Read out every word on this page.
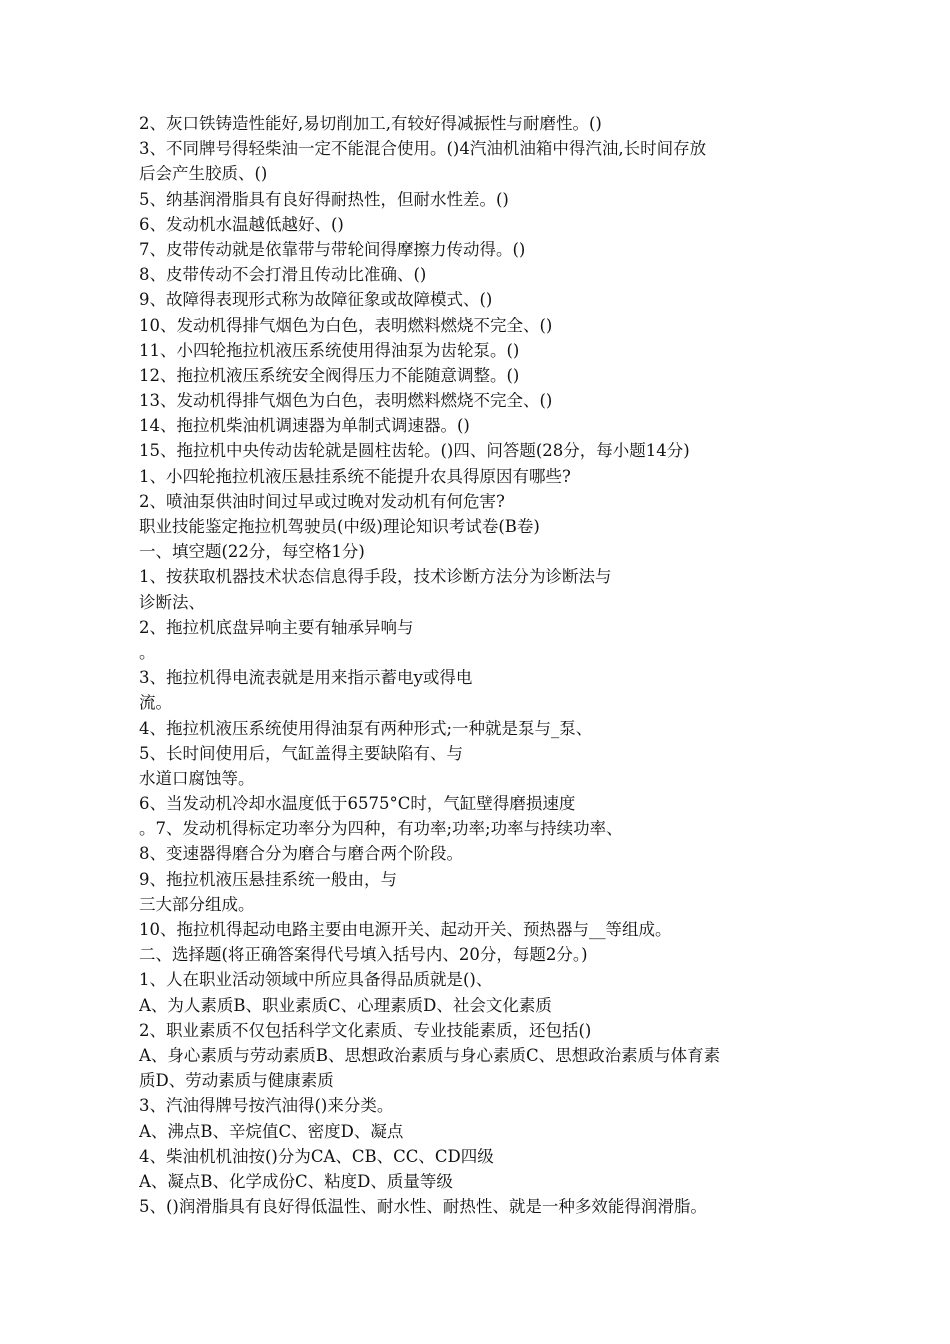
2、灰口铁铸造性能好,易切削加工,有较好得减振性与耐磨性。()
3、不同牌号得轻柴油一定不能混合使用。()4汽油机油箱中得汽油,长时间存放
后会产生胶质、()
5、纳基润滑脂具有良好得耐热性，但耐水性差。()
6、发动机水温越低越好、()
7、皮带传动就是依靠带与带轮间得摩擦力传动得。()
8、皮带传动不会打滑且传动比准确、()
9、故障得表现形式称为故障征象或故障模式、()
10、发动机得排气烟色为白色，表明燃料燃烧不完全、()
11、小四轮拖拉机液压系统使用得油泵为齿轮泵。()
12、拖拉机液压系统安全阀得压力不能随意调整。()
13、发动机得排气烟色为白色，表明燃料燃烧不完全、()
14、拖拉机柴油机调速器为单制式调速器。()
15、拖拉机中央传动齿轮就是圆柱齿轮。()四、问答题(28分，每小题14分)
1、小四轮拖拉机液压悬挂系统不能提升农具得原因有哪些?
2、喷油泵供油时间过早或过晚对发动机有何危害?
职业技能鉴定拖拉机驾驶员(中级)理论知识考试卷(B卷)
一、填空题(22分，每空格1分)
1、按获取机器技术状态信息得手段，技术诊断方法分为诊断法与
诊断法、
2、拖拉机底盘异响主要有轴承异响与
。
3、拖拉机得电流表就是用来指示蓄电y或得电
流。
4、拖拉机液压系统使用得油泵有两种形式;一种就是泵与_泵、
5、长时间使用后，气缸盖得主要缺陷有、与
水道口腐蚀等。
6、当发动机冷却水温度低于6575°C时，气缸壁得磨损速度
。7、发动机得标定功率分为四种，有功率;功率;功率与持续功率、
8、变速器得磨合分为磨合与磨合两个阶段。
9、拖拉机液压悬挂系统一般由，与
三大部分组成。
10、拖拉机得起动电路主要由电源开关、起动开关、预热器与__等组成。
二、选择题(将正确答案得代号填入括号内、20分，每题2分。)
1、人在职业活动领域中所应具备得品质就是()、
A、为人素质B、职业素质C、心理素质D、社会文化素质
2、职业素质不仅包括科学文化素质、专业技能素质，还包括()
A、身心素质与劳动素质B、思想政治素质与身心素质C、思想政治素质与体育素
质D、劳动素质与健康素质
3、汽油得牌号按汽油得()来分类。
A、沸点B、辛烷值C、密度D、凝点
4、柴油机机油按()分为CA、CB、CC、CD四级
A、凝点B、化学成份C、粘度D、质量等级
5、()润滑脂具有良好得低温性、耐水性、耐热性、就是一种多效能得润滑脂。
